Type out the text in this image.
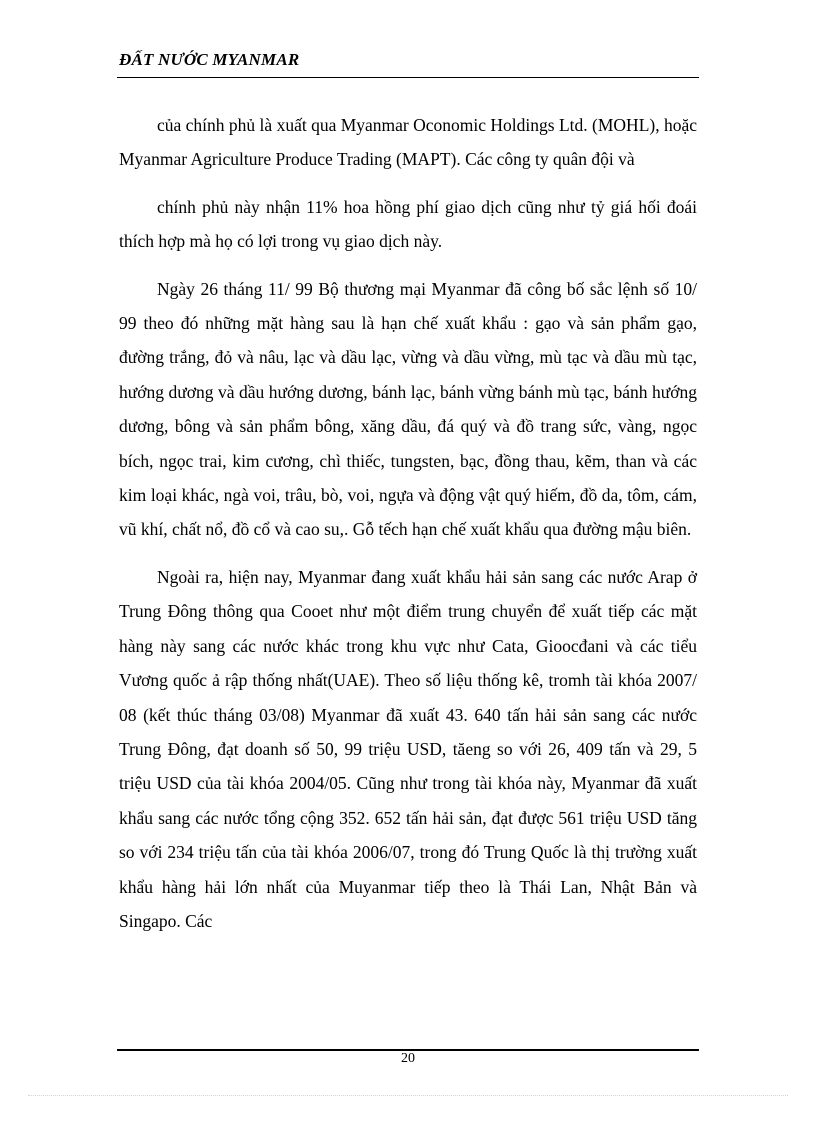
ĐẤT NƯỚC MYANMAR

của chính phủ là xuất qua Myanmar Oconomic Holdings Ltd. (MOHL), hoặc Myanmar Agriculture Produce Trading (MAPT). Các công ty quân đội và

chính phủ này nhận 11% hoa hồng phí giao dịch cũng như tỷ giá hối đoái thích hợp mà họ có lợi trong vụ giao dịch này.

Ngày 26 tháng 11/ 99 Bộ thương mại Myanmar đã công bố sắc lệnh số 10/ 99 theo đó những mặt hàng sau là hạn chế xuất khẩu : gạo và sản phẩm gạo, đường trắng, đỏ và nâu, lạc và dầu lạc, vừng và dầu vừng, mù tạc và dầu mù tạc, hướng dương và dầu hướng dương, bánh lạc, bánh vừng bánh mù tạc, bánh hướng dương, bông và sản phẩm bông, xăng dầu, đá quý và đồ trang sức, vàng, ngọc bích, ngọc trai, kim cương, chì thiếc, tungsten, bạc, đồng thau, kẽm, than và các kim loại khác, ngà voi, trâu, bò, voi, ngựa và động vật quý hiếm, đồ da, tôm, cám, vũ khí, chất nổ, đồ cổ và cao su,. Gỗ tếch hạn chế xuất khẩu qua đường mậu biên.

Ngoài ra, hiện nay, Myanmar đang xuất khẩu hải sản sang các nước Arap ở Trung Đông thông qua Cooet như một điểm trung chuyển để xuất tiếp các mặt hàng này sang các nước khác trong khu vực như Cata, Gioocđani và các tiểu Vương quốc ả rập thống nhất(UAE). Theo số liệu thống kê, tromh tài khóa 2007/ 08 (kết thúc tháng 03/08) Myanmar đã xuất 43. 640 tấn hải sản sang các nước Trung Đông, đạt doanh số 50, 99 triệu USD, tăeng so với 26, 409 tấn và 29, 5 triệu USD của tài khóa 2004/05. Cũng như trong tài khóa này, Myanmar đã xuất khẩu sang các nước tổng cộng 352. 652 tấn hải sản, đạt được 561 triệu USD tăng so với 234 triệu tấn của tài khóa 2006/07, trong đó Trung Quốc là thị trường xuất khẩu hàng hải lớn nhất của Muyanmar tiếp theo là Thái Lan, Nhật Bản và Singapo. Các

20
